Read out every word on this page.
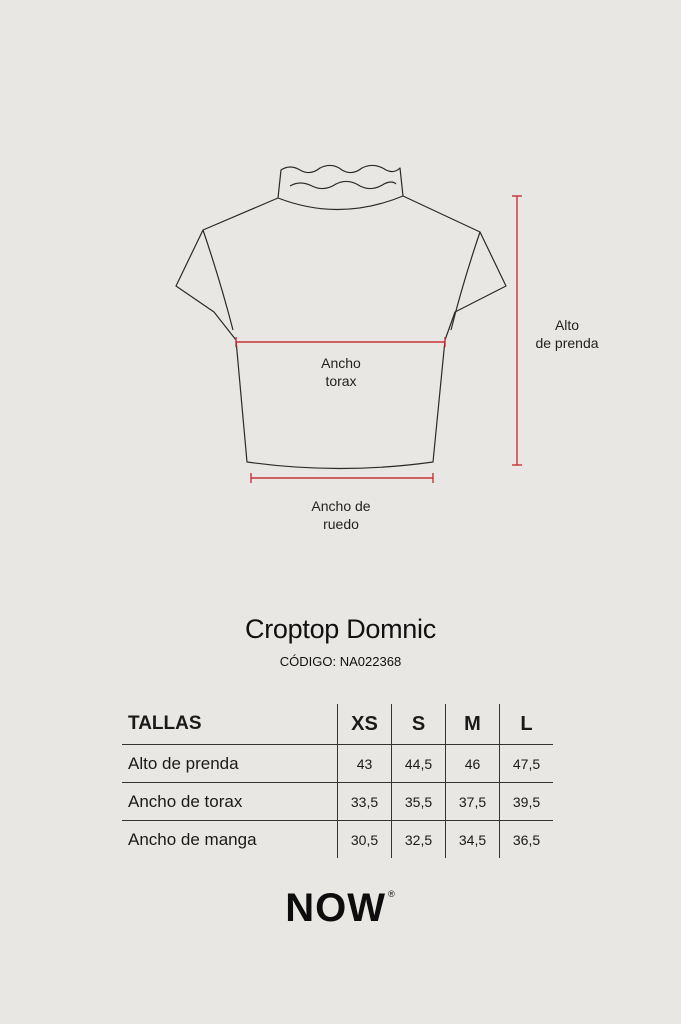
Alto
de prenda
Ancho
torax
Ancho de
ruedo
Croptop Domnic
CÓDIGO: NA022368
TALLAS	XS	S	M	L
Alto de prenda	43	44,5	46	47,5
Ancho de torax	33,5	35,5	37,5	39,5
Ancho de manga	30,5	32,5	34,5	36,5
NOW ®
